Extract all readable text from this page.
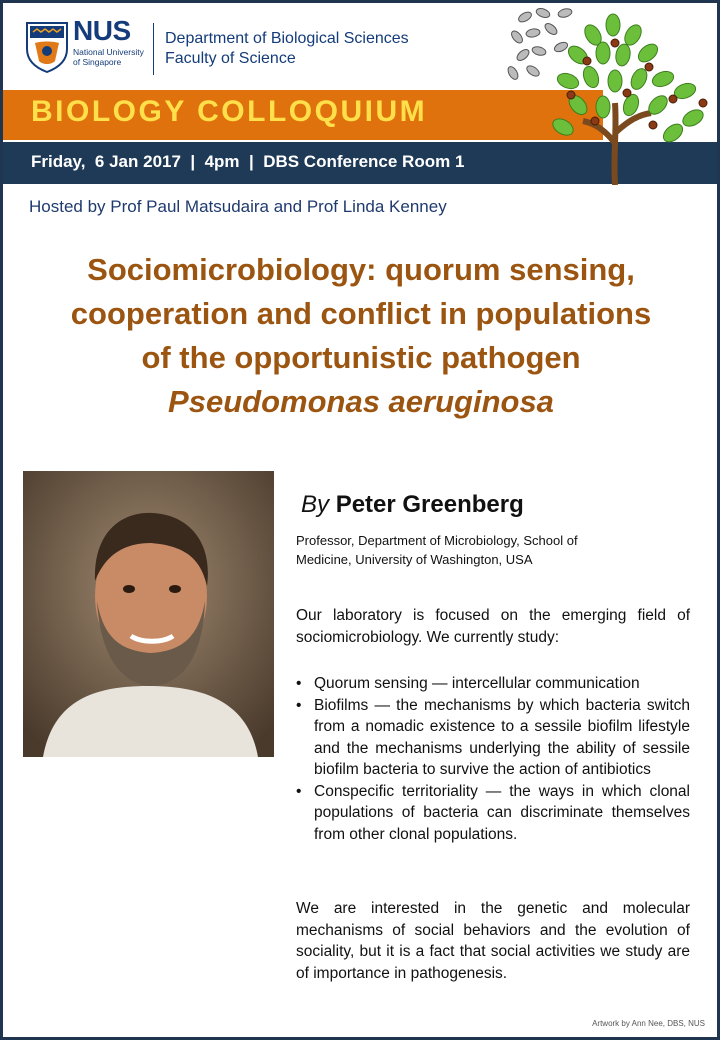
NUS
National University of Singapore
Department of Biological Sciences
Faculty of Science
BIOLOGY COLLOQUIUM
Friday,  6 Jan 2017  |  4pm  |  DBS Conference Room 1
Hosted by Prof Paul Matsudaira and Prof Linda Kenney
Sociomicrobiology: quorum sensing,
cooperation and conflict in populations
of the opportunistic pathogen
Pseudomonas aeruginosa
By Peter Greenberg
Professor, Department of Microbiology, School of Medicine, University of Washington, USA
Our laboratory is focused on the emerging field of sociomicrobiology. We currently study:
• Quorum sensing — intercellular communication
• Biofilms — the mechanisms by which bacteria switch from a nomadic existence to a sessile biofilm lifestyle and the mechanisms underlying the ability of sessile biofilm bacteria to survive the action of antibiotics
• Conspecific territoriality — the ways in which clonal populations of bacteria can discriminate themselves from other clonal populations.
We are interested in the genetic and molecular mechanisms of social behaviors and the evolution of sociality, but it is a fact that social activities we study are of importance in pathogenesis.
Artwork by Ann Nee, DBS, NUS
